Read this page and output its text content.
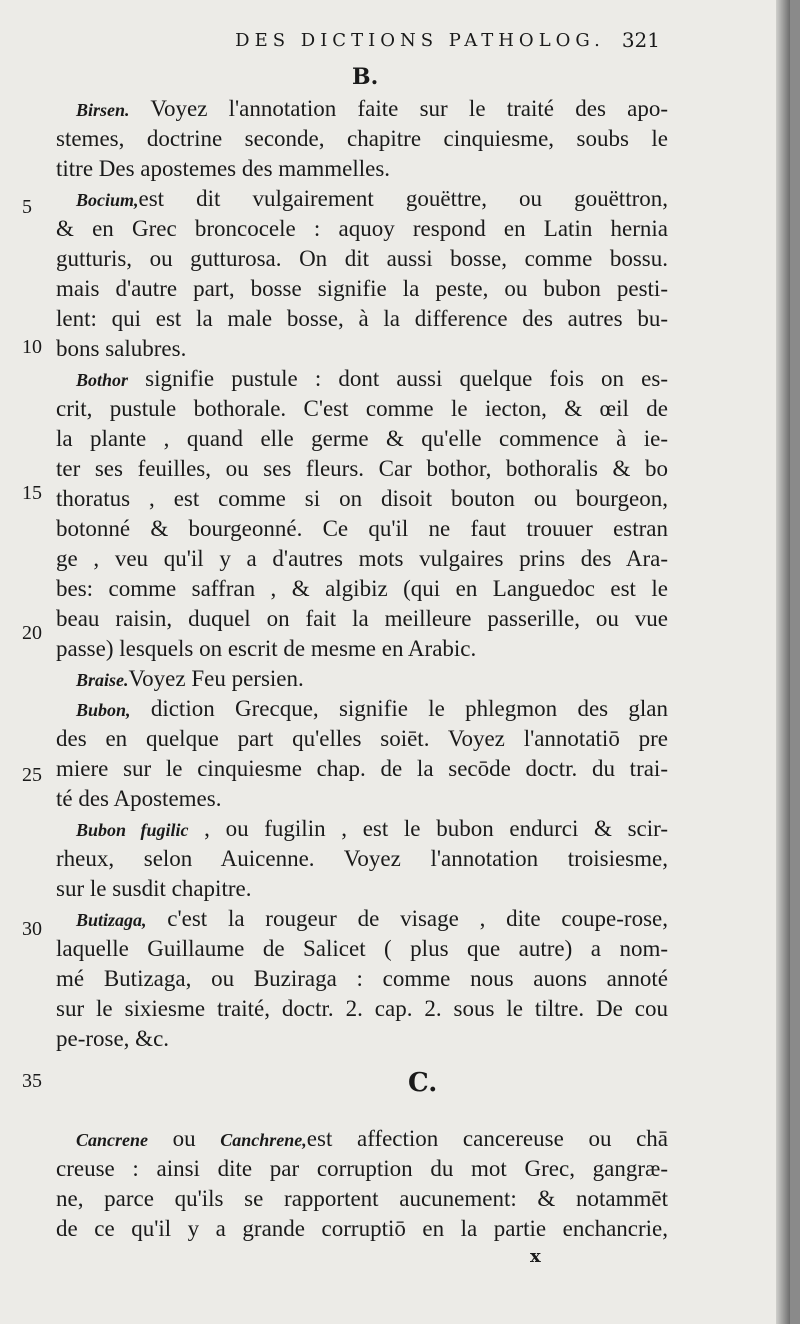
DES DICTIONS PATHOLOG. 321
B.
Birsen. Voyez l'annotation faite sur le traité des apo-
stemes, doctrine seconde, chapitre cinquiesme, soubs le
titre Des apostemes des mammelles.
Bocium,est dit vulgairement gouëttre, ou gouëttron,
5
& en Grec broncocele : aquoy respond en Latin hernia
gutturis, ou gutturosa. On dit aussi bosse, comme bossu.
mais d'autre part, bosse signifie la peste, ou bubon pesti-
lent: qui est la male bosse, à la difference des autres bu-
10 bons salubres.
Bothor signifie pustule : dont aussi quelque fois on es-
crit, pustule bothorale. C'est comme le iecton, & œil de
la plante , quand elle germe & qu'elle commence à ie-
ter ses feuilles, ou ses fleurs. Car bothor, bothoralis & bo
15 thoratus , est comme si on disoit bouton ou bourgeon,
botonné & bourgeonné. Ce qu'il ne faut trouuer estran
ge , veu qu'il y a d'autres mots vulgaires prins des Ara-
bes: comme saffran , & algibiz (qui en Languedoc est le
beau raisin, duquel on fait la meilleure passerille, ou vue
20
passe) lesquels on escrit de mesme en Arabic.
Braise.Voyez Feu persien.
Bubon, diction Grecque, signifie le phlegmon des glan
des en quelque part qu'elles soiēt. Voyez l'annotatiō pre
miere sur le cinquiesme chap. de la secōde doctr. du trai-
25
té des Apostemes.
Bubon fugilic , ou fugilin , est le bubon endurci & scir-
rheux, selon Auicenne. Voyez l'annotation troisiesme,
sur le susdit chapitre.
Butizaga, c'est la rougeur de visage , dite coupe-rose,
30
laquelle Guillaume de Salicet ( plus que autre) a nom-
mé Butizaga, ou Buziraga : comme nous auons annoté
sur le sixiesme traité, doctr. 2. cap. 2. sous le tiltre. De cou
pe-rose, &c.
35	C.
Cancrene ou Canchrene,est affection cancereuse ou chā
creuse : ainsi dite par corruption du mot Grec, gangræ-
ne, parce qu'ils se rapportent aucunement: & notammēt
de ce qu'il y a grande corruptiō en la partie enchancrie,
x
